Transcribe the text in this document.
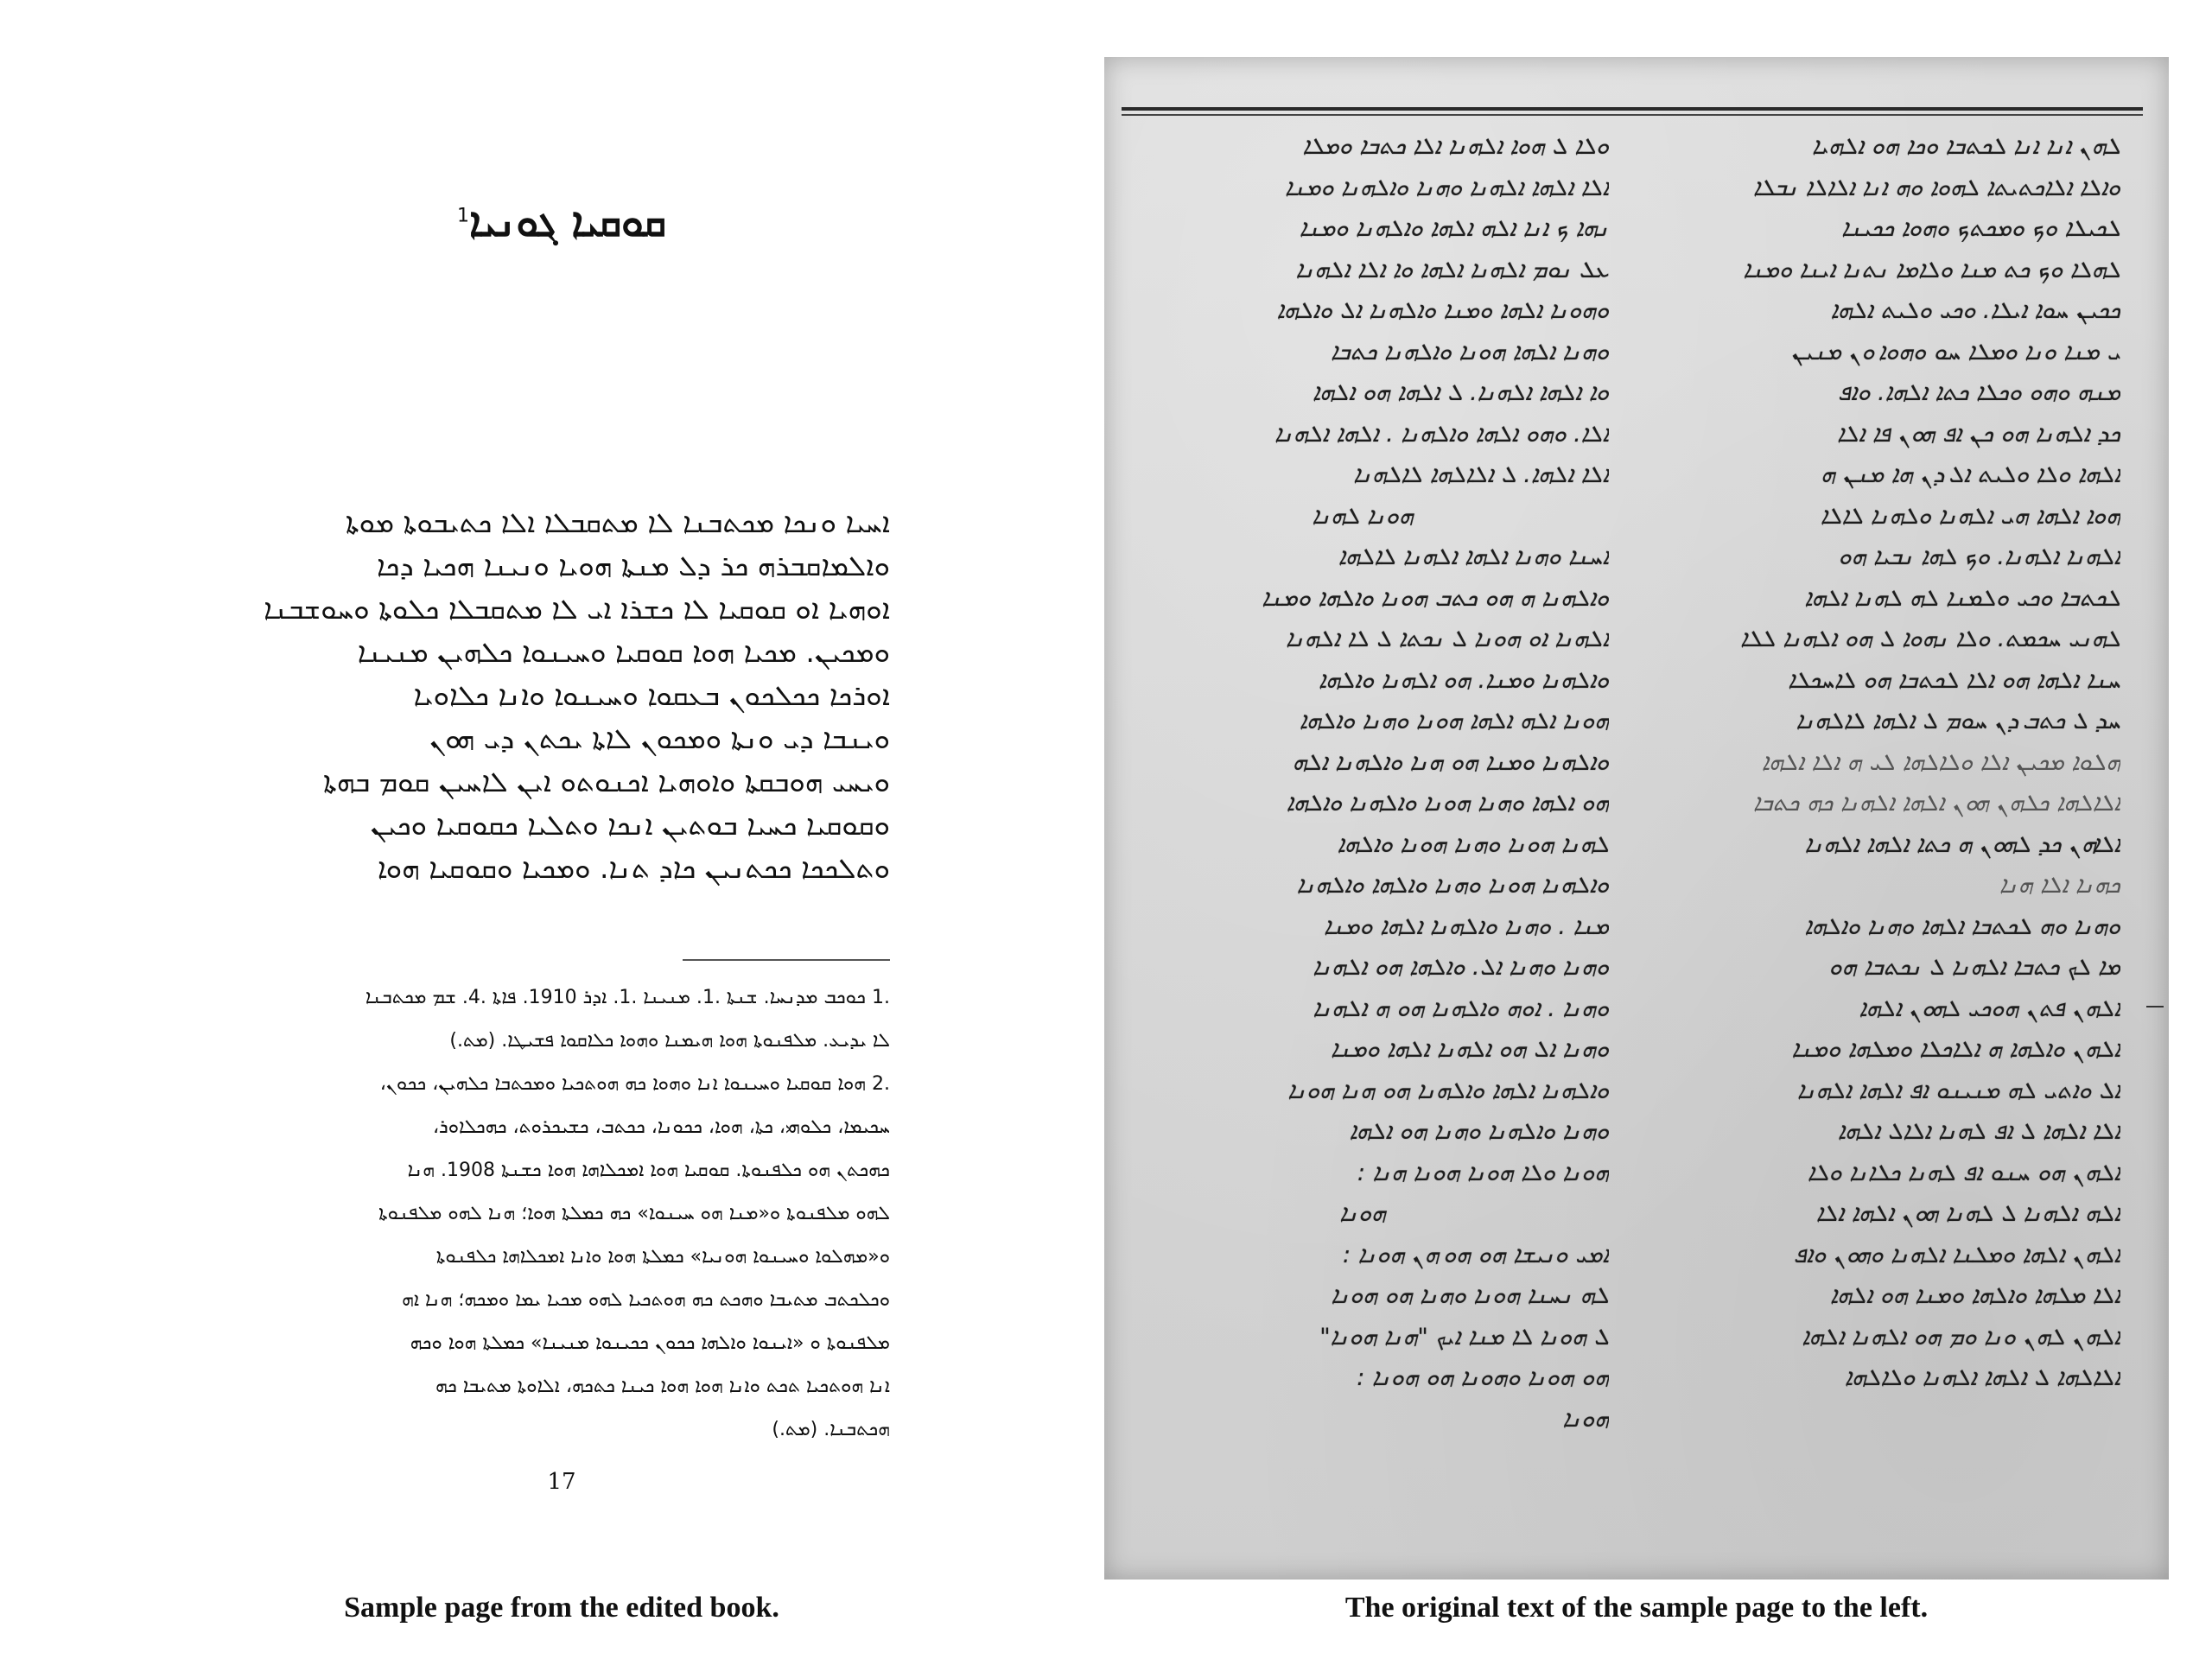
ܩܘܩܝܐ ܓܘܢܝܐ$^1$
ܐܚܝܐ ܘܢܟܐ ܡܟܬܒܢܐ ܠܐ ܡܬܩܒܠܐ ܐܠܐ ܟܬܝܒܘܬܐ ܡܘܬܐ
ܘܐܠܡܐܩܒܪܗ ܟܪ ܕܠ ܡܢܬܐ ܗܘܝܐ ܘܢܝܢܐ ܗܟܝܐ ܕܟܐ
ܐܘܗܝܐ ܐܘ ܩܘܩܝܐ ܠܐ ܟܫܪܐ ܐܝ ܠܐ ܡܬܩܒܠܐ ܟܠܘܬܐ ܘܚܘܫܒܢܐ
ܘܡܟܝܢ. ܡܟܝܐ ܗܘܐ ܩܘܩܝܐ ܘܚܝܢܘܐ ܟܠܗܝܢ ܡܢܝܢܐ
ܐܘܪܟܐ ܟܟܠܟܘܢ ܒܥܩܘܐ ܘܚܝܢܘܐ ܘܐܢܐ ܟܠܐܘܝܐ
ܘܝܢܒܐ ܕܝ ܘܢܬܐ ܘܡܟܘܢ ܠܐܬܐ ܝܟܬܢ ܕܝ ܗܘܢ
ܘܝܚܝ ܗܘܒܩܬܐ ܘܐܘܗܝܐ ܐܟܢܘܬܘ ܐܝܢ ܠܐܚܝܢ ܩܘܡ ܒܗܬܐ
ܘܩܘܩܝܐ ܟܚܝܐ ܒܘܬܝܢ ܐܢܟܐ ܘܬܠܝܐ ܟܩܘܩܝܐ ܘܟܝܢ
ܘܬܠܟܟܐ ܟܟܬܢܝܢ ܟܐܕ ܬܢܐ. ܘܡܟܝܐ ܘܩܘܩܝܐ ܗܘܐ
.1 ܟܘܟܒ ܡܕܢܚܐ. ܫܢܬܐ .1. ܡܢܝܢܐ .1. ܐܕܪ 1910. ܦܐܬܐ .4. ܫܡ ܡܟܬܒܢܐ
ܠܐ ܝܕܝܥ. ܡܠܦܢܘܬܐ ܗܘܐ ܗܝܡܢܐ ܘܗܘܐ ܟܠܐܩܘܐ ܦܫܝܛܐ. (ܡܬ.)
.2 ܗܘܐ ܩܘܩܝܐ ܘܚܝܢܘܐ ܐܢܐ ܘܗܘܐ ܟܗ ܗܘܬܟܝܐ ܘܡܟܬܒܐ ܟܠܗܝܢ، ܟܟܘܢ،
ܚܟܝܡܐ، ܟܠܘܗܝ، ܟܬܐ، ܗܘܐ، ܟܟܘܢܐ، ܟܟܬܒ، ܟܫܝܟܪܘܬ، ܟܗܟܠܐܘܪ،
ܟܗܟܬܢ ܗܘ ܟܠܦܢܘܬܐ. ܩܘܩܝܐ ܗܘܐ ܐܡܟܠܐܗܐ ܗܘܐ ܟܫܢܬܐ 1908. ܗܢܐ
ܠܗܘ ܡܠܦܢܘܬܐ ܘ«ܡܢܐ ܗܘ ܚܝܢܘܐ» ܟܗ ܟܡܠܬܐ ܗܘܐ؛ ܗܢܐ ܠܗܘ ܡܠܦܢܘܬܐ
ܘ«ܡܗܠܘܐ ܘܚܝܢܘܐ ܗܘܢܝܐ» ܟܡܠܬܐ ܗܘܐ ܘܐܢܐ ܐܡܟܠܐܗܐ ܟܠܦܢܘܬܐ
ܘܟܠܟܬܒ ܡܬܝܒܐ ܘܗܟܬ ܟܗ ܗܘܬܟܝܐ ܠܗܘ ܡܟܝܐ ܝܡܐ ܘܡܟܗ؛ ܗܢܐ ܐܗ
ܡܠܦܢܘܬܐ ܘ «ܐܝܢܘܐ ܘܐܠܗܐ ܟܟܘܢ ܟܟܝܢܘܐ ܡܢܝܢܐ» ܟܡܠܬܐ ܗܘܐ ܘܟܗ
ܐܢܐ ܗܘܬܟܝܐ ܬܟܬ ܘܐܢܐ ܗܘܐ ܗܘܐ ܟܝܢܐ ܟܬܟܗ، ܐܠܐܘܬܐ ܡܬܝܒܐ ܟܗ
ܗܟܬܒܢܐ. (ܡܬ.)
17
ܠܗܢ ܐܢܐ ܐܢܐ ܠܟܬܒܐ ܘܟܐ ܗܘ ܐܠܗܝܐ
ܘܐܠܐ ܐܠܐܟܬܝܬܐ ܠܗܘܐ ܘܗ ܐܢܐ ܐܠܐܠܐ ܢܒܠܐ
ܠܟܝܠܐ ܘܟ ܘܡܟܬܟ ܘܗܘܐ ܟܟܝܢܐ
ܠܗܠܐ ܘܟ ܟܬ ܡܢܐ ܘܠܐܡܐ ܢܬܢܐ ܐܝܢܐ ܘܡܢܐ
ܟܟܝܢ ܚܘܐ ܐܝܠܐ. ܘܟܝ ܘܠܝܬ ܐܠܗܐ
ܝ ܡܢܐ ܘܢܐ ܘܡܠܐ ܚܘ ܘܗܘܐ ܘܢ ܡܢܝܢ
ܡܢܗ ܘܗܘ ܘܟܠܐ ܟܬܐ ܐܠܗܐ. ܘܐܦ
ܟܕ ܐܠܗܢܐ ܗܘ ܟܢ ܐܦ ܗܘܢ ܦܐ ܐܠܐ
ܐܠܗܐ ܘܠܐ ܘܠܝܬ ܐܠ ܕܢ ܗܐ ܡܢܢ ܗ
ܗܘܐ ܐܠܗܐ ܗܝ ܐܠܗܢܐ ܘܠܗܢܐ ܠܐܠܐ
ܐܠܗܢܐ ܐܠܗܢܐ. ܘܟ ܠܗܐ ܢܒܝܐ ܗܘ
ܠܟܬܒܐ ܘܟܝ ܘܠܡܢܐ ܠܗ ܠܗܢܐ ܐܠܗܐ
ܠܗܢܝ ܚܟܡܬ. ܘܠܐ ܢܗܘܐ ܠ ܗܘ ܐܠܗܢܐ ܠܠܐ
ܚܢܐ ܐܠܗܐ ܗܘ ܐܠܐ ܠܟܬܒܐ ܗܘ ܠܐܚܟܠܐ
ܚܕ ܠ ܟܬܒ ܕܢ ܚܘܡ ܠ ܐܠܗܐ ܠܐܠܗܢܐ
ܗܠܘܐ ܡܟܝܢ ܐܠܐ ܘܠܐܠܗܐ ܠܝ ܗ ܐܠܐ ܐܠܗܐ
ܐܠܐܠܗܐ ܟܠܗܢ ܗܘܢ ܐܠܗܐ ܐܠܗܢܐ ܟܗ ܟܬܒܐ
ܐܠܐܗܢ ܟܕ ܠܗܘܢ ܗ ܟܬܐ ܐܠܗܐ ܐܠܗܢܐ
ܟܗܢܐ ܐܠܐ ܗܢܐ
ܘܗܢܐ ܘܗ ܠܟܬܒܐ ܐܠܗܐ ܘܗܢܐ ܘܐܠܗܐ
ܡܐ ܠܟ ܟܬܒܐ ܐܠܗܢܐ ܠ ܢܟܬܒܐ ܗܘ
ܐܠܗܢ ܦܬܢ ܗܘܟܝ ܠܗܘܢ ܐܠܗܐ
ܐܠܗܢ ܘܐܠܗܐ ܗ ܐܠܐܟܠܐ ܘܡܠܗܐ ܘܡܢܐ
ܐܠ ܘܐܬܝ ܠܗ ܡܢܝܢܘ ܐܦ ܐܠܗܐ ܐܠܗܢܐ
ܐܠܐ ܐܠܗܐ ܠ ܐܦ ܠܗܢܐ ܐܠܐܠ ܐܠܗܐ
ܐܠܗܢ ܗܘ ܚܢܘ ܐܦ ܠܗܢܐ ܟܠܐܢܐ ܘܠܐ
ܐܠܗ ܐܠܗܢܐ ܠ ܠܗܢܐ ܗܘܢ ܐܠܗܐ ܐܠܐ
ܐܠܗܢ ܐܠܗܐ ܘܡܠܢܐ ܐܠܗܢܐ ܘܗܘܢ ܘܐܦ
ܐܠܐ ܡܠܗܐ ܘܐܠܗܐ ܘܡܢܐ ܗܘ ܐܠܗܐ
ܐܠܗܢ ܠܗܢ ܘܢܐ ܘܡ ܗܘ ܐܠܗܢܐ ܐܠܗܐ
ܐܠܐܠܗܐ ܠ ܐܠܗܐ ܐܠܗܢܐ ܘܠܐܠܗܐ
ܘܠܐ ܠ ܗܘܐ ܐܠܗܢܐ ܐܠܐ ܟܬܒܐ ܘܡܠܐ
ܐܠܐ ܐܠܗܐ ܐܠܗܢܐ ܘܗܢܐ ܘܐܠܗܢܐ ܘܡܢܐ
ܢܗܐ ܟ ܐܢܐ ܐܠܗ ܐܠܗܐ ܘܐܠܗܢܐ ܘܡܢܐ
ܥܠ ܢܘܡ ܐܠܗܢܐ ܐܠܗܐ ܘܐ ܐܠܐ ܐܠܗܢܐ
ܘܗܘܢܐ ܐܠܗܐ ܘܡܢܐ ܘܐܠܗܢܐ ܐܠ ܘܐܠܗܐ
ܘܗܢܐ ܐܠܗܐ ܗܘܢܐ ܘܐܠܗܢܐ ܟܬܒܐ
ܘܐ ܐܠܗܐ ܐܠܗܢܐ. ܠ ܐܠܗܐ ܗܘ ܐܠܗܐ
ܐܠܐ. ܘܗܘ ܐܠܗܐ ܘܐܠܗܢܐ . ܐܠܗܐ ܐܠܗܢܐ
ܐܠܐ ܐܠܗܐ. ܠ ܐܠܐܠܗܐ ܠܐܠܗܢܐ
ܗܘܢܐ ܠܗܢܐ
ܐܚܢܐ ܘܗܢܐ ܐܠܗܐ ܐܠܗܢܐ ܠܐܠܗܐ
ܘܐܠܗܢܐ ܗ ܗܘ ܟܬܒ ܗܘܢܐ ܘܐܠܗܐ ܘܡܢܐ
ܐܠܗܢܐ ܐܘ ܗܘܢܐ ܠ ܢܟܬܐ ܠ ܠܐ ܐܠܗܢܐ
ܘܐܠܗܢܐ ܘܡܢܐ. ܗܘ ܐܠܗܢܐ ܘܐܠܗܐ
ܗܘܢܐ ܐܠܗ ܐܠܗܐ ܗܘܢܐ ܘܗܢܐ ܘܐܠܗܐ
ܘܐܠܗܢܐ ܘܡܢܐ ܗܘ ܗܢܐ ܘܐܠܗܢܐ ܐܠܗ
ܗܘ ܐܠܗܐ ܘܗܢܐ ܗܘܢܐ ܘܐܠܗܢܐ ܘܐܠܗܐ
ܠܗܢܐ ܗܘܢܐ ܘܗܢܐ ܗܘܢܐ ܘܐܠܗܐ
ܘܐܠܗܢܐ ܗܘܢܐ ܘܗܢܐ ܘܐܠܗܐ ܘܐܠܗܢܐ
ܡܢܐ . ܘܗܢܐ ܘܐܠܗܢܐ ܐܠܗܐ ܘܡܢܐ
ܘܗܢܐ ܘܗܢܐ ܐܠ. ܘܐܠܗܐ ܗܘ ܐܠܗܢܐ
ܘܗܢܐ . ܐܘܗ ܘܐܠܗܢܐ ܗܘ ܗ ܐܠܗܢܐ
ܘܗܢܐ ܐܠ ܗܘ ܐܠܗܢܐ ܐܠܗܐ ܘܡܢܐ
ܘܐܠܗܢܐ ܐܠܗܐ ܘܐܠܗܢܐ ܗܘ ܗܢܐ ܗܘܢܐ
ܘܗܢܐ ܘܐܠܗܢܐ ܘܗܢܐ ܗܘ ܐܠܗܐ
ܗܘܢܐ ܘܠܐ ܗܘܢܐ ܗܘܢܐ ܗܢܐ :
ܗܘܢܐ
ܐܡܝ ܘܢܝܫܐ ܗܘ ܗܘ ܗܢ ܗܘܢܐ :
ܠܗ ܢܚܢܐ ܗܘܢܐ ܘܗܢܐ ܗܘ ܗܘܢܐ
ܠ ܗܘܢܐ ܠܐ ܡܢܐ ܐܝܟ "ܗܢܐ ܗܘܢܐ"
ܗܘ ܗܘܢܐ ܘܗܘܢܐ ܗܘ ܗܘܢܐ :
ܗܘܢܐ
Sample page from the edited book.	The original text of the sample page to the left.
